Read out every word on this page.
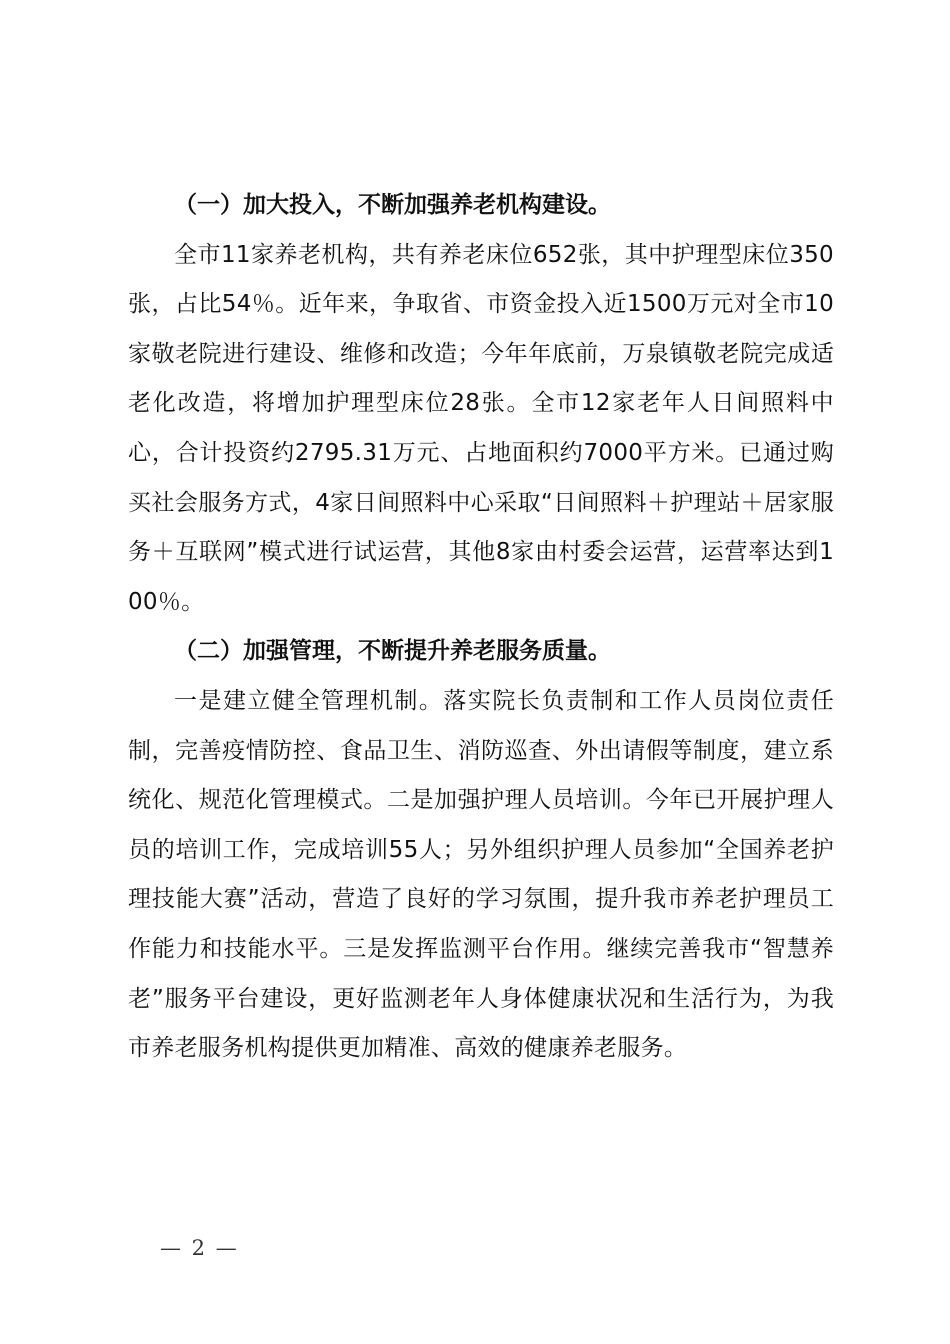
（一）加大投入，不断加强养老机构建设。

全市11家养老机构，共有养老床位652张，其中护理型床位350张，占比54％。近年来，争取省、市资金投入近1500万元对全市10家敬老院进行建设、维修和改造；今年年底前，万泉镇敬老院完成适老化改造，将增加护理型床位28张。全市12家老年人日间照料中心，合计投资约2795.31万元、占地面积约7000平方米。已通过购买社会服务方式，4家日间照料中心采取“日间照料＋护理站＋居家服务＋互联网”模式进行试运营，其他8家由村委会运营，运营率达到100％。

（二）加强管理，不断提升养老服务质量。

一是建立健全管理机制。落实院长负责制和工作人员岗位责任制，完善疫情防控、食品卫生、消防巡查、外出请假等制度，建立系统化、规范化管理模式。二是加强护理人员培训。今年已开展护理人员的培训工作，完成培训55人；另外组织护理人员参加“全国养老护理技能大赛”活动，营造了良好的学习氛围，提升我市养老护理员工作能力和技能水平。三是发挥监测平台作用。继续完善我市“智慧养老”服务平台建设，更好监测老年人身体健康状况和生活行为，为我市养老服务机构提供更加精准、高效的健康养老服务。

— 2 —
